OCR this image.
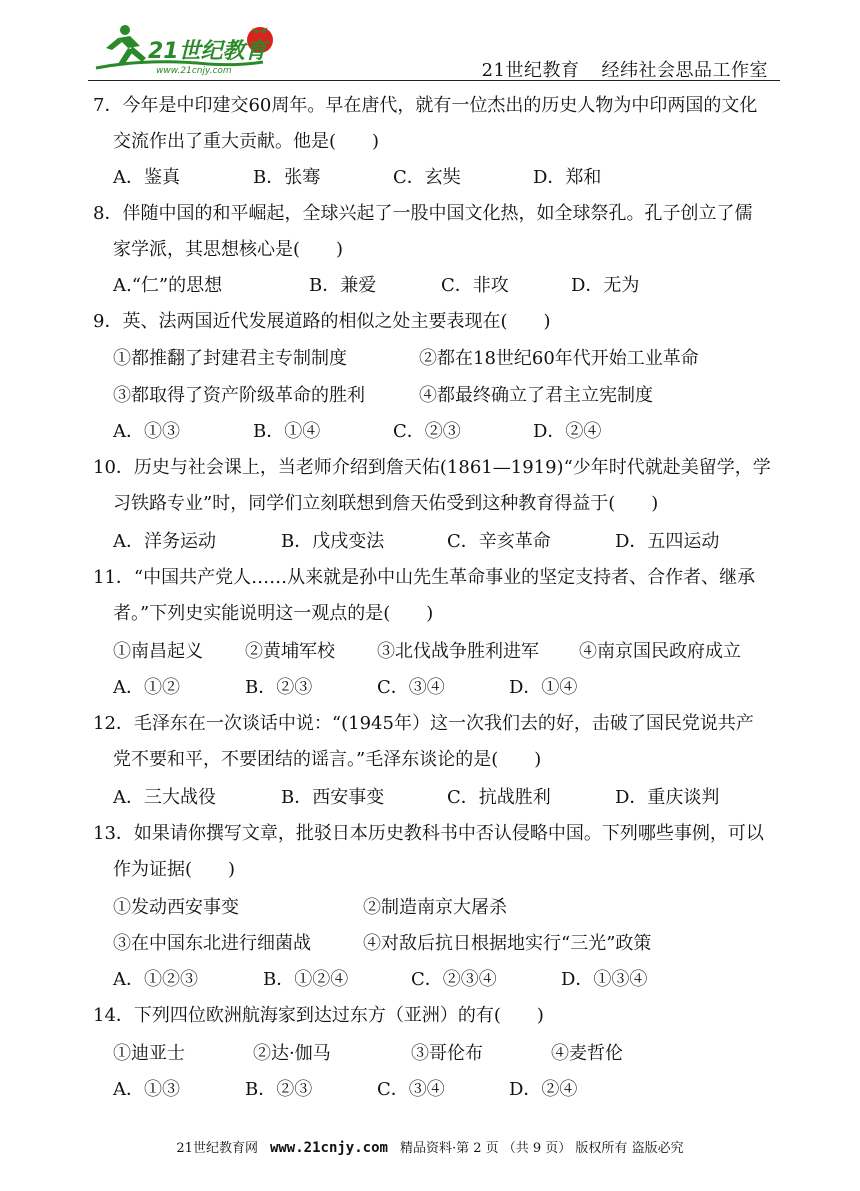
21世纪教育
www.21cnjy.com	21世纪教育 经纬社会思品工作室
7．今年是中印建交60周年。早在唐代，就有一位杰出的历史人物为中印两国的文化
交流作出了重大贡献。他是(　　)
A．鉴真	B．张骞	C．玄奘	D．郑和
8．伴随中国的和平崛起，全球兴起了一股中国文化热，如全球祭孔。孔子创立了儒
家学派，其思想核心是(　　)
A.“仁”的思想	B．兼爱	C．非攻	D．无为
9．英、法两国近代发展道路的相似之处主要表现在(　　)
①都推翻了封建君主专制制度	②都在18世纪60年代开始工业革命
③都取得了资产阶级革命的胜利	④都最终确立了君主立宪制度
A．①③	B．①④	C．②③	D．②④
10．历史与社会课上，当老师介绍到詹天佑(1861—1919)“少年时代就赴美留学，学
习铁路专业”时，同学们立刻联想到詹天佑受到这种教育得益于(　　)
A．洋务运动	B．戊戌变法	C．辛亥革命	D．五四运动
11．“中国共产党人……从来就是孙中山先生革命事业的坚定支持者、合作者、继承
者。”下列史实能说明这一观点的是(　　)
①南昌起义 ②黄埔军校 ③北伐战争胜利进军 ④南京国民政府成立
A．①②	B．②③	C．③④	D．①④
12．毛泽东在一次谈话中说：“(1945年）这一次我们去的好，击破了国民党说共产
党不要和平，不要团结的谣言。”毛泽东谈论的是(　　)
A．三大战役	B．西安事变	C．抗战胜利	D．重庆谈判
13．如果请你撰写文章，批驳日本历史教科书中否认侵略中国。下列哪些事例，可以
作为证据(　　)
①发动西安事变	②制造南京大屠杀
③在中国东北进行细菌战	④对敌后抗日根据地实行“三光”政策
A．①②③	B．①②④	C．②③④	D．①③④
14．下列四位欧洲航海家到达过东方（亚洲）的有(　　)
①迪亚士	②达·伽马	③哥伦布	④麦哲伦
A．①③	B．②③	C．③④	D．②④
21世纪教育网 www.21cnjy.com 精品资料·第 2 页 （共 9 页） 版权所有 盗版必究
